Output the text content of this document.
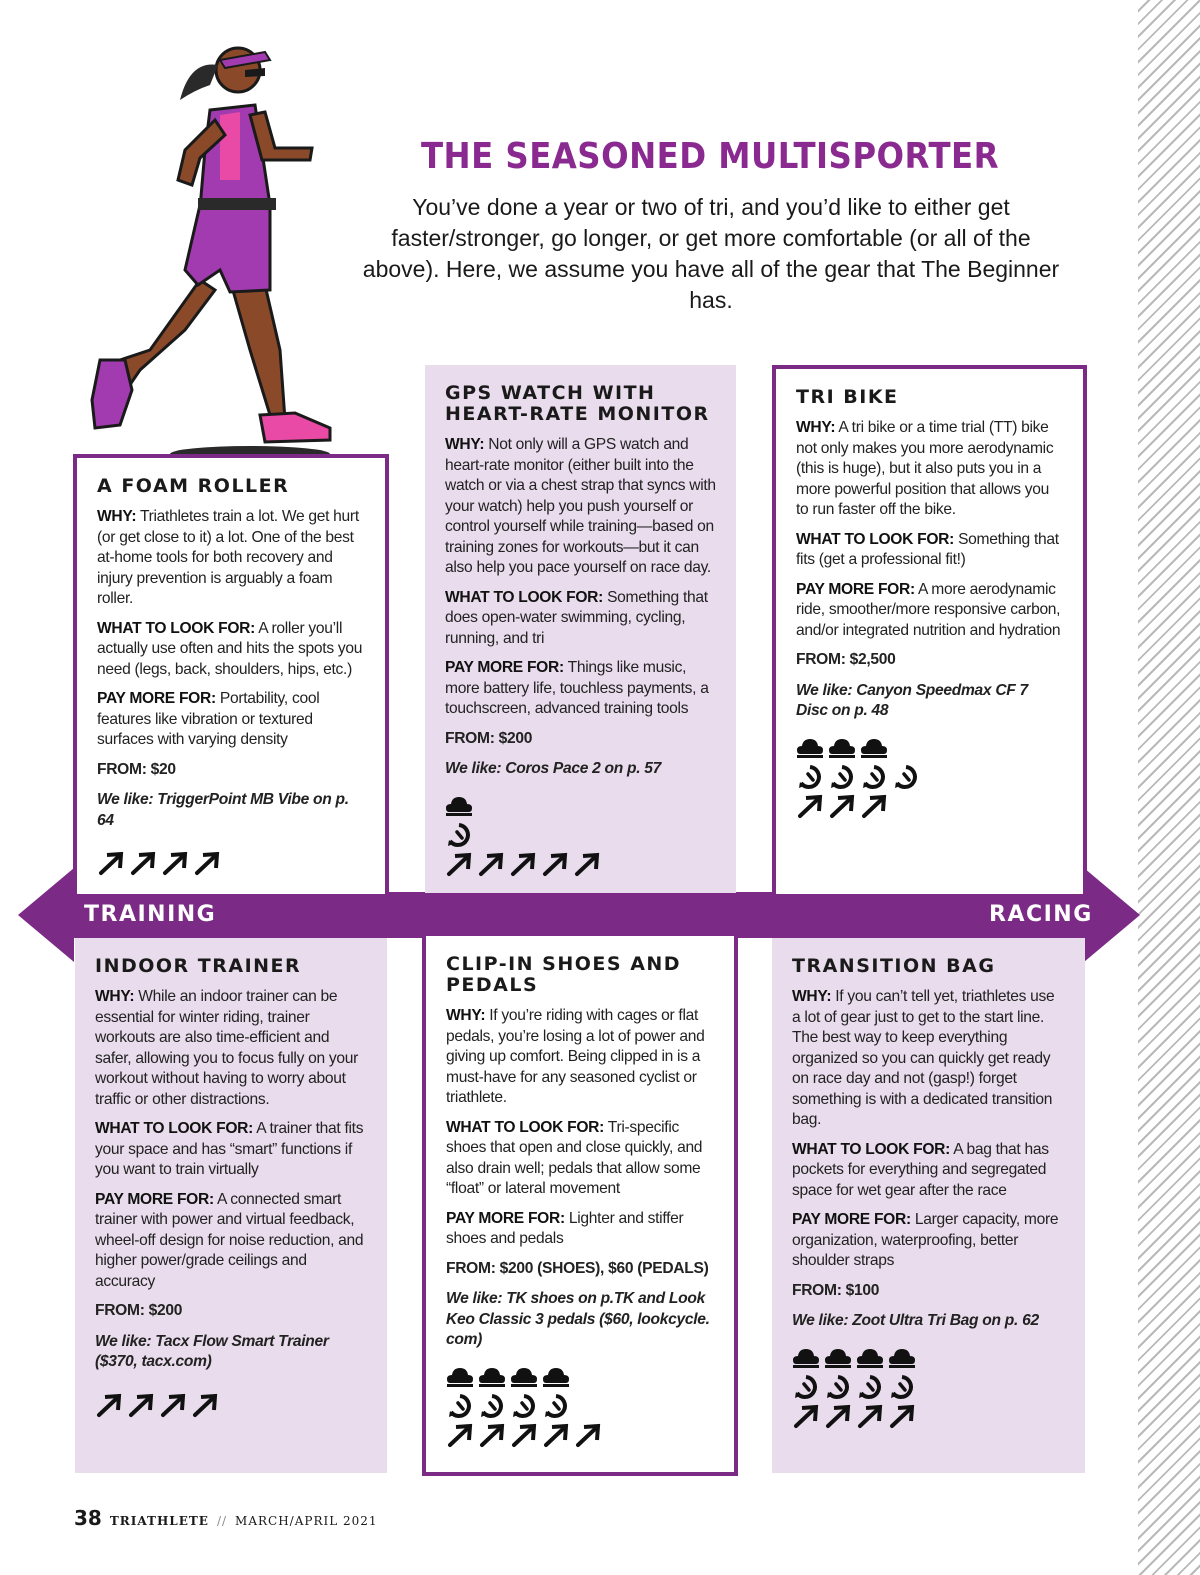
THE SEASONED MULTISPORTER
You’ve done a year or two of tri, and you’d like to either get faster/stronger, go longer, or get more comfortable (or all of the above). Here, we assume you have all of the gear that The Beginner has.
TRAINING	RACING
A FOAM ROLLER

WHY: Triathletes train a lot. We get hurt (or get close to it) a lot. One of the best at-home tools for both recovery and injury prevention is arguably a foam roller.

WHAT TO LOOK FOR: A roller you’ll actually use often and hits the spots you need (legs, back, shoulders, hips, etc.)

PAY MORE FOR: Portability, cool features like vibration or textured surfaces with varying density

FROM: $20

We like: TriggerPoint MB Vibe on p. 64

GPS WATCH WITH HEART-RATE MONITOR

WHY: Not only will a GPS watch and heart-rate monitor (either built into the watch or via a chest strap that syncs with your watch) help you push yourself or control yourself while training—based on training zones for workouts—but it can also help you pace yourself on race day.

WHAT TO LOOK FOR: Something that does open-water swimming, cycling, running, and tri

PAY MORE FOR: Things like music, more battery life, touchless payments, a touchscreen, advanced training tools

FROM: $200

We like: Coros Pace 2 on p. 57

TRI BIKE

WHY: A tri bike or a time trial (TT) bike not only makes you more aerodynamic (this is huge), but it also puts you in a more powerful position that allows you to run faster off the bike.

WHAT TO LOOK FOR: Something that fits (get a professional fit!)

PAY MORE FOR: A more aerodynamic ride, smoother/more responsive carbon, and/or integrated nutrition and hydration

FROM: $2,500

We like: Canyon Speedmax CF 7 Disc on p. 48

INDOOR TRAINER

WHY: While an indoor trainer can be essential for winter riding, trainer workouts are also time-efficient and safer, allowing you to focus fully on your workout without having to worry about traffic or other distractions.

WHAT TO LOOK FOR: A trainer that fits your space and has “smart” functions if you want to train virtually

PAY MORE FOR: A connected smart trainer with power and virtual feedback, wheel-off design for noise reduction, and higher power/grade ceilings and accuracy

FROM: $200

We like: Tacx Flow Smart Trainer ($370, tacx.com)

CLIP-IN SHOES AND PEDALS

WHY: If you’re riding with cages or flat pedals, you’re losing a lot of power and giving up comfort. Being clipped in is a must-have for any seasoned cyclist or triathlete.

WHAT TO LOOK FOR: Tri-specific shoes that open and close quickly, and also drain well; pedals that allow some “float” or lateral movement

PAY MORE FOR: Lighter and stiffer shoes and pedals

FROM: $200 (SHOES), $60 (PEDALS)

We like: TK shoes on p.TK and Look Keo Classic 3 pedals ($60, lookcycle. com)

TRANSITION BAG

WHY: If you can’t tell yet, triathletes use a lot of gear just to get to the start line. The best way to keep everything organized so you can quickly get ready on race day and not (gasp!) forget something is with a dedicated transition bag.

WHAT TO LOOK FOR: A bag that has pockets for everything and segregated space for wet gear after the race

PAY MORE FOR: Larger capacity, more organization, waterproofing, better shoulder straps

FROM: $100

We like: Zoot Ultra Tri Bag on p. 62

38 TRIATHLETE // MARCH/APRIL 2021
